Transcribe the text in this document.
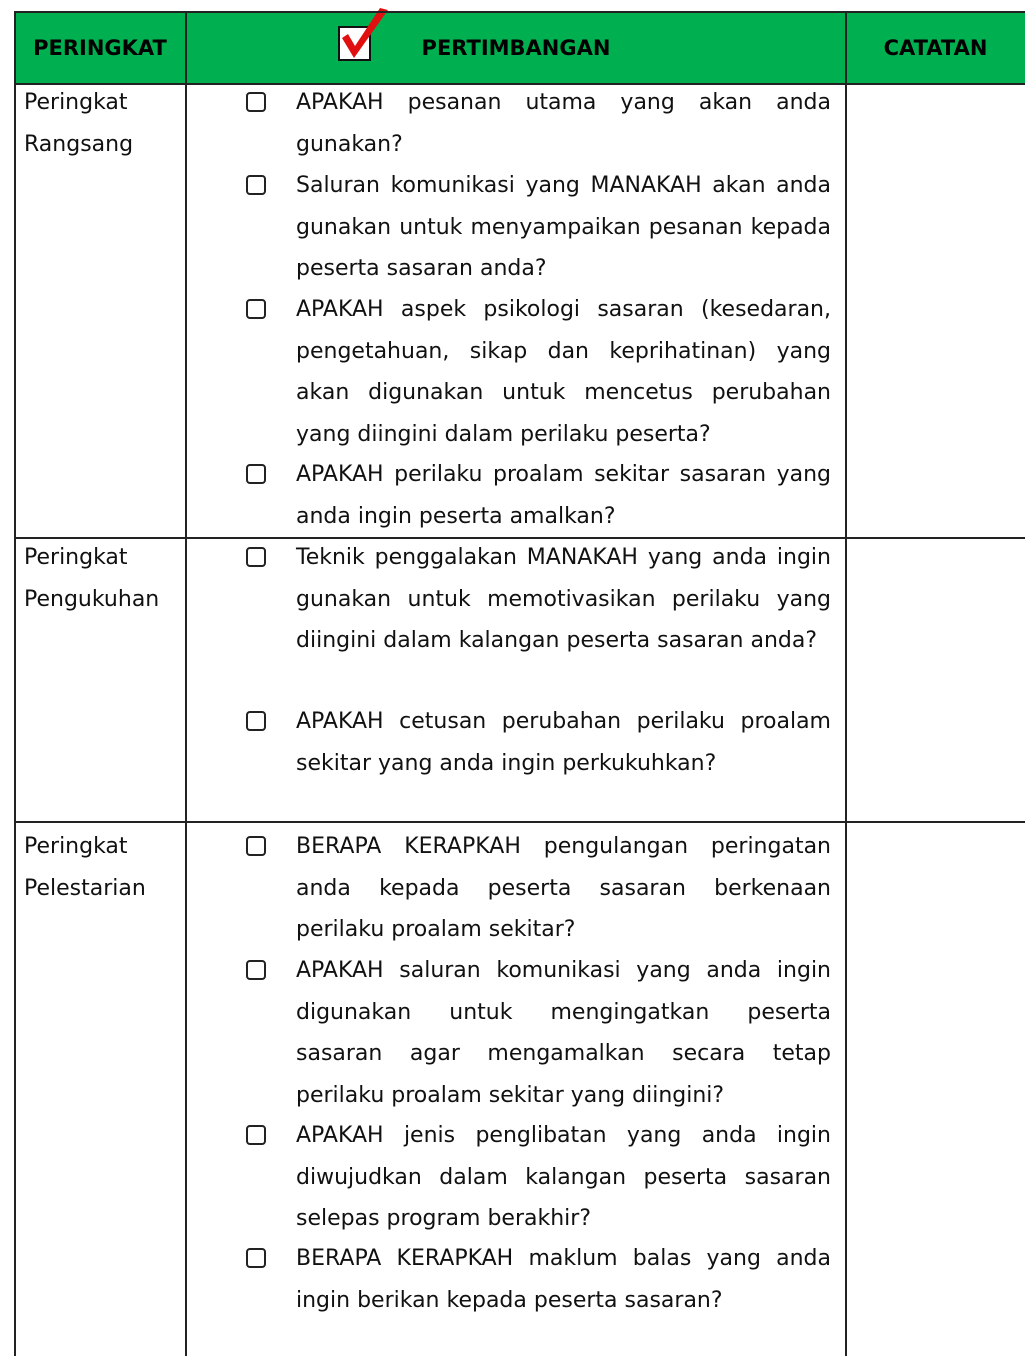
PERINGKAT	PERTIMBANGAN	CATATAN
Peringkat Rangsang
APAKAH pesanan utama yang akan anda gunakan?
Saluran komunikasi yang MANAKAH akan anda gunakan untuk menyampaikan pesanan kepada peserta sasaran anda?
APAKAH aspek psikologi sasaran (kesedaran, pengetahuan, sikap dan keprihatinan) yang akan digunakan untuk mencetus perubahan yang diingini dalam perilaku peserta?
APAKAH perilaku proalam sekitar sasaran yang anda ingin peserta amalkan?
Peringkat Pengukuhan
Teknik penggalakan MANAKAH yang anda ingin gunakan untuk memotivasikan perilaku yang diingini dalam kalangan peserta sasaran anda?
APAKAH cetusan perubahan perilaku proalam sekitar yang anda ingin perkukuhkan?
Peringkat Pelestarian
BERAPA KERAPKAH pengulangan peringatan anda kepada peserta sasaran berkenaan perilaku proalam sekitar?
APAKAH saluran komunikasi yang anda ingin digunakan untuk mengingatkan peserta sasaran agar mengamalkan secara tetap perilaku proalam sekitar yang diingini?
APAKAH jenis penglibatan yang anda ingin diwujudkan dalam kalangan peserta sasaran selepas program berakhir?
BERAPA KERAPKAH maklum balas yang anda ingin berikan kepada peserta sasaran?
